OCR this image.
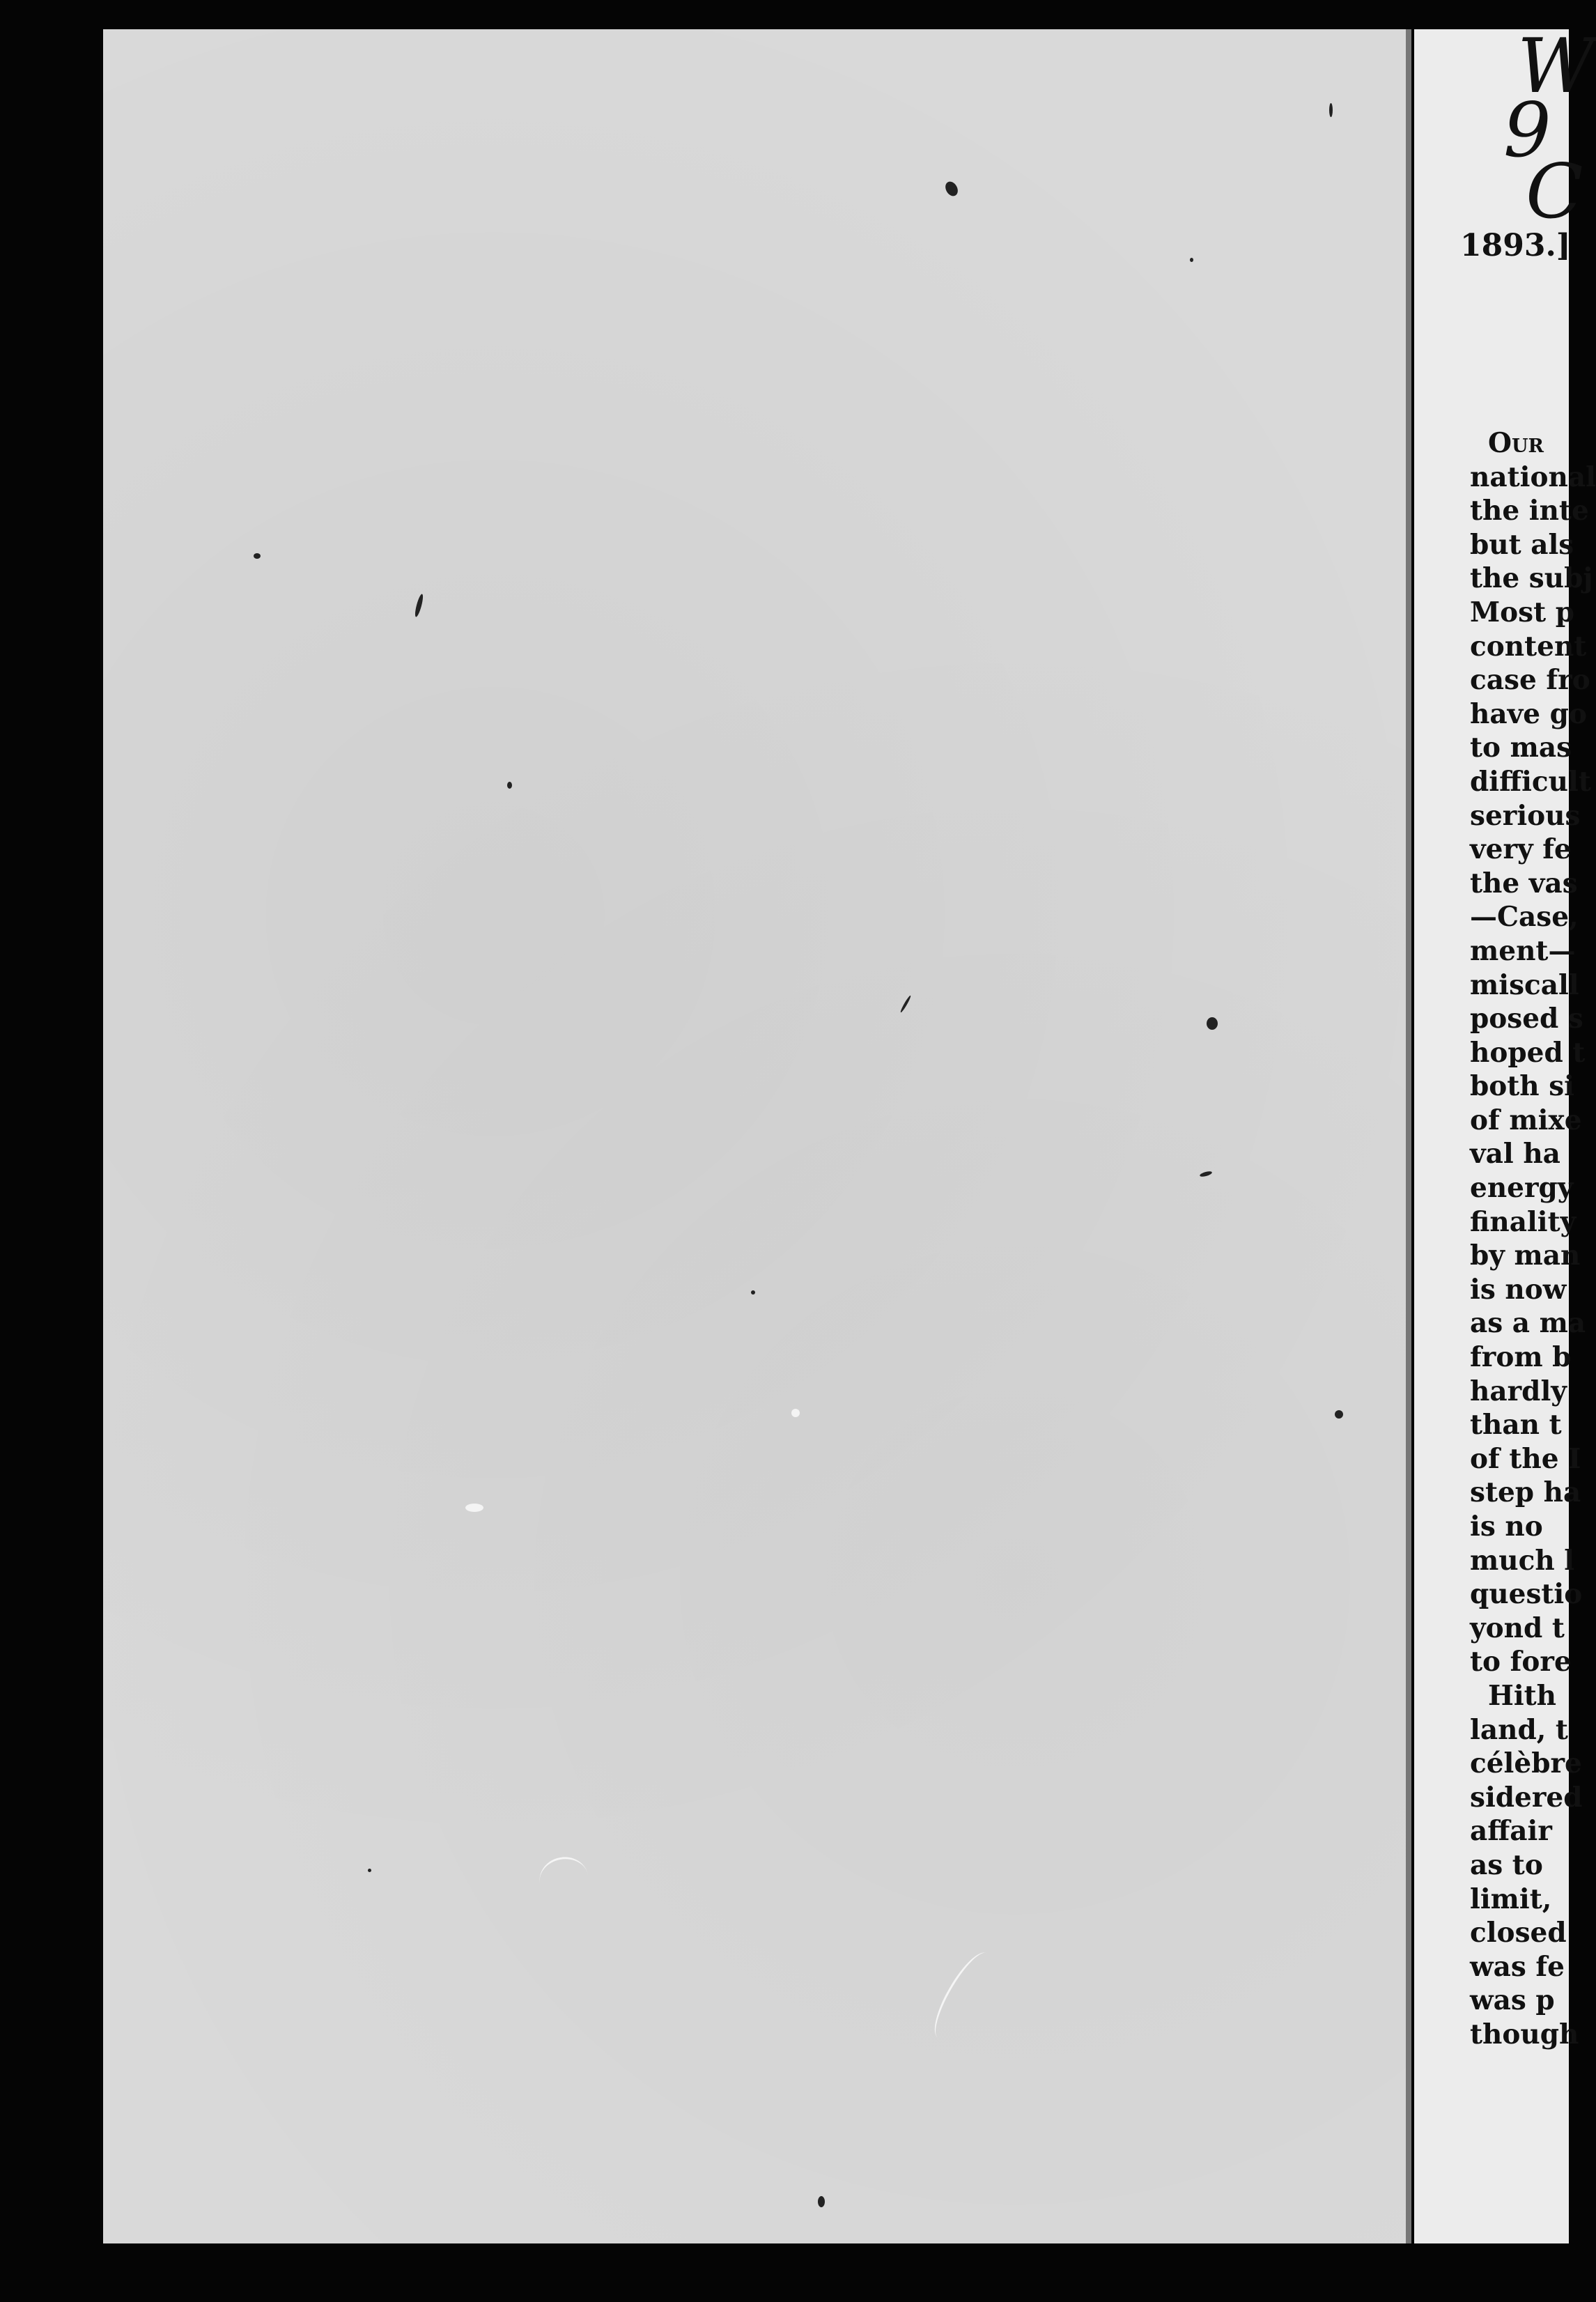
W
9
C
1893.]
Our
national
the inte
but als
the subj
Most p
content
case fro
have go
to mas
difficult
serious
very fe
the vas
—Case,
ment—
miscall
posed s
hoped t
both si
of mixe
val ha
energy
finality
by man
is now
as a ma
from b
hardly
than t
of the I
step ha
is no
much l
questio
yond t
to fore
Hith
land, t
célèbre
sidered
affair
as to
limit,
closed
was fe
was p
though
